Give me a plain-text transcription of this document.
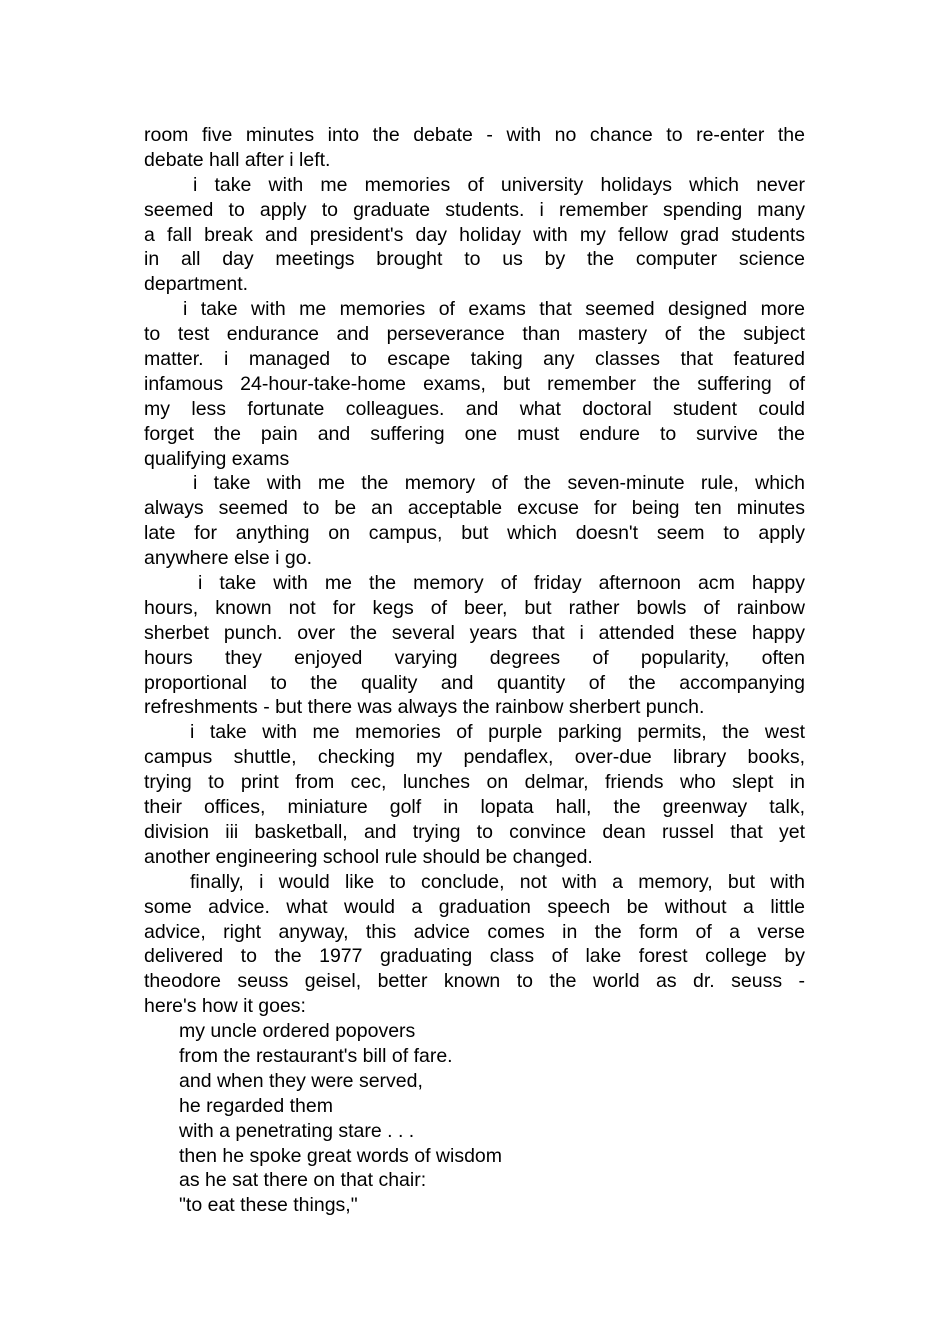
room five minutes into the debate - with no chance to re-enter the
debate hall after i left.
i take with me memories of university holidays which never
seemed to apply to graduate students. i remember spending many
a fall break and president's day holiday with my fellow grad students
in all day meetings brought to us by the computer science
department.
i take with me memories of exams that seemed designed more
to test endurance and perseverance than mastery of the subject
matter. i managed to escape taking any classes that featured
infamous 24-hour-take-home exams, but remember the suffering of
my less fortunate colleagues. and what doctoral student could
forget the pain and suffering one must endure to survive the
qualifying exams
i take with me the memory of the seven-minute rule, which
always seemed to be an acceptable excuse for being ten minutes
late for anything on campus, but which doesn't seem to apply
anywhere else i go.
i take with me the memory of friday afternoon acm happy
hours, known not for kegs of beer, but rather bowls of rainbow
sherbet punch. over the several years that i attended these happy
hours they enjoyed varying degrees of popularity, often
proportional to the quality and quantity of the accompanying
refreshments - but there was always the rainbow sherbert punch.
i take with me memories of purple parking permits, the west
campus shuttle, checking my pendaflex, over-due library books,
trying to print from cec, lunches on delmar, friends who slept in
their offices, miniature golf in lopata hall, the greenway talk,
division iii basketball, and trying to convince dean russel that yet
another engineering school rule should be changed.
finally, i would like to conclude, not with a memory, but with
some advice. what would a graduation speech be without a little
advice, right anyway, this advice comes in the form of a verse
delivered to the 1977 graduating class of lake forest college by
theodore seuss geisel, better known to the world as dr. seuss -
here's how it goes:
my uncle ordered popovers
from the restaurant's bill of fare.
and when they were served,
he regarded them
with a penetrating stare . . .
then he spoke great words of wisdom
as he sat there on that chair:
"to eat these things,"
